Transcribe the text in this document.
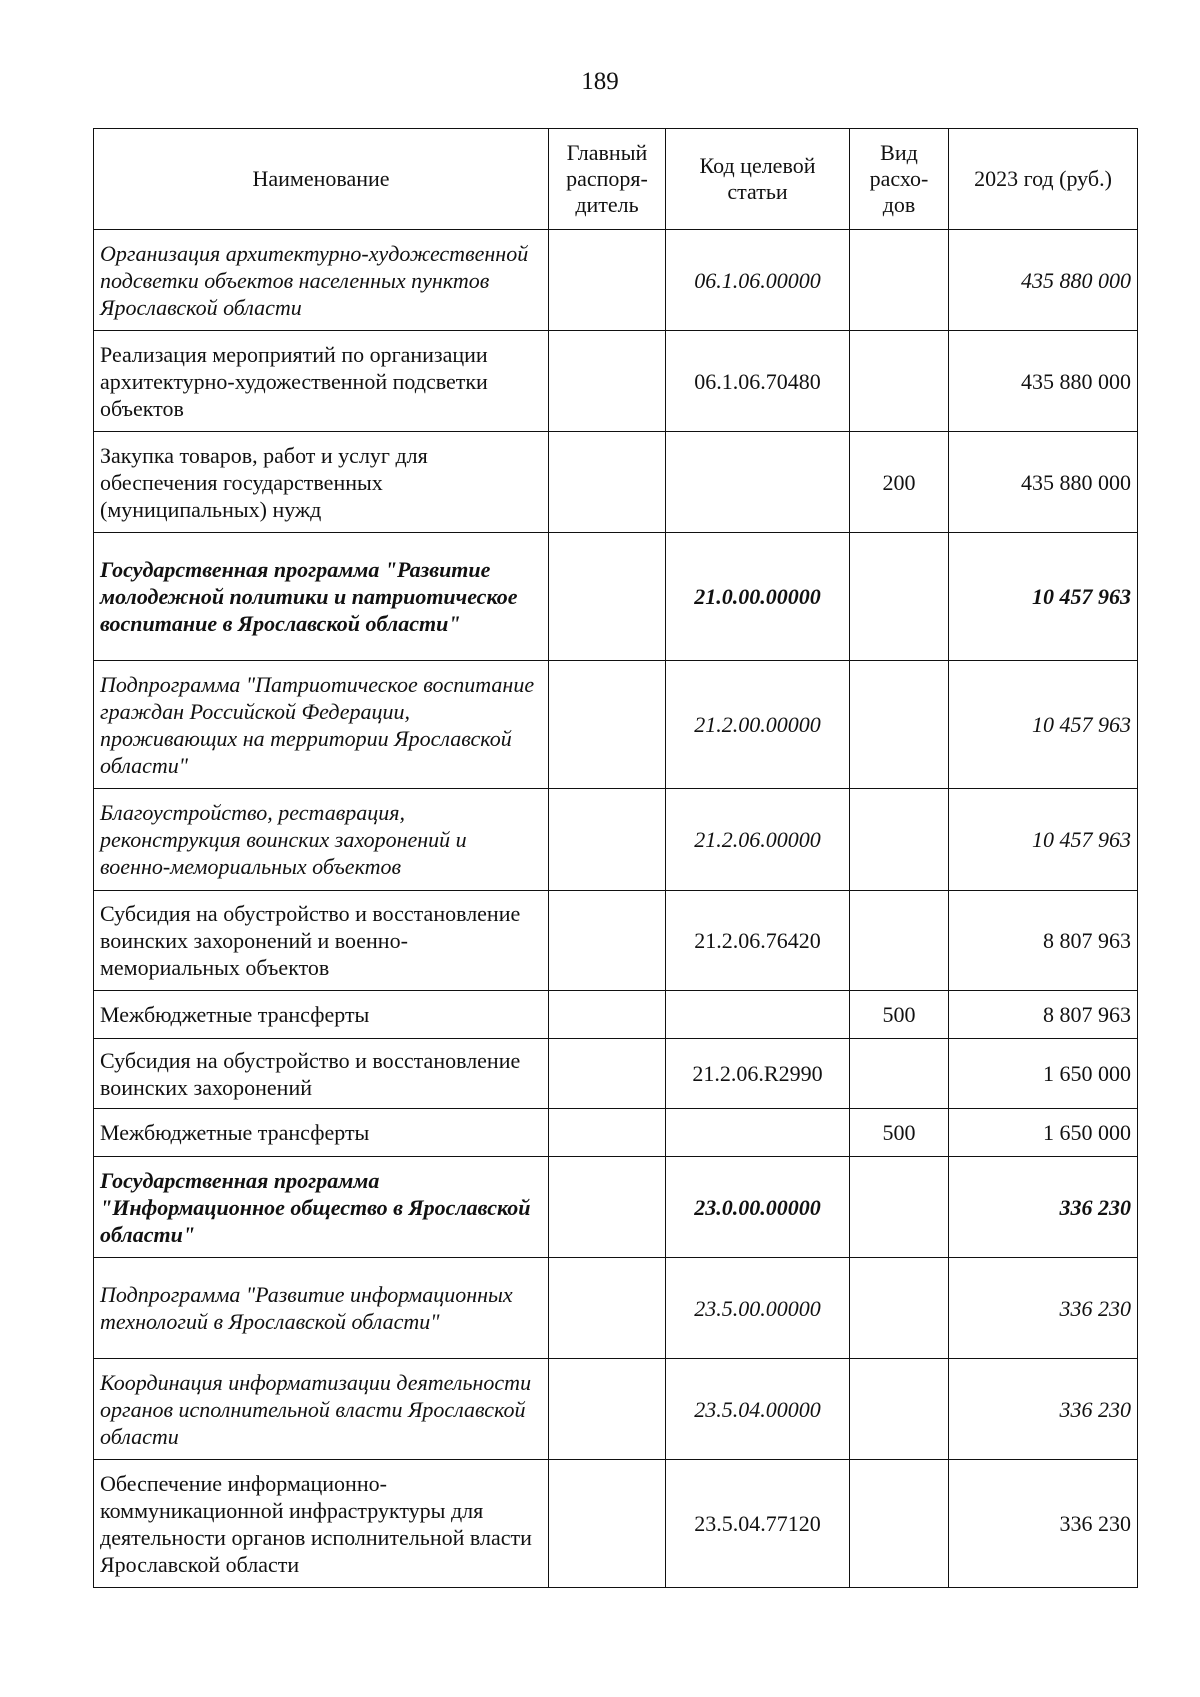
189
Наименование	Главный распоря-дитель	Код целевой статьи	Вид расхо-дов	2023 год (руб.)
Организация архитектурно-художественной подсветки объектов населенных пунктов Ярославской области		06.1.06.00000		435 880 000
Реализация мероприятий по организации архитектурно-художественной подсветки объектов		06.1.06.70480		435 880 000
Закупка товаров, работ и услуг для обеспечения государственных (муниципальных) нужд			200	435 880 000
Государственная программа "Развитие молодежной политики и патриотическое воспитание в Ярославской области"		21.0.00.00000		10 457 963
Подпрограмма "Патриотическое воспитание граждан Российской Федерации, проживающих на территории Ярославской области"		21.2.00.00000		10 457 963
Благоустройство, реставрация, реконструкция воинских захоронений и военно-мемориальных объектов		21.2.06.00000		10 457 963
Субсидия на обустройство и восстановление воинских захоронений и военно-мемориальных объектов		21.2.06.76420		8 807 963
Межбюджетные трансферты			500	8 807 963
Субсидия на обустройство и восстановление воинских захоронений		21.2.06.R2990		1 650 000
Межбюджетные трансферты			500	1 650 000
Государственная программа "Информационное общество в Ярославской области"		23.0.00.00000		336 230
Подпрограмма "Развитие информационных технологий в Ярославской области"		23.5.00.00000		336 230
Координация информатизации деятельности органов исполнительной власти Ярославской области		23.5.04.00000		336 230
Обеспечение информационно-коммуникационной инфраструктуры для деятельности органов исполнительной власти Ярославской области		23.5.04.77120		336 230
